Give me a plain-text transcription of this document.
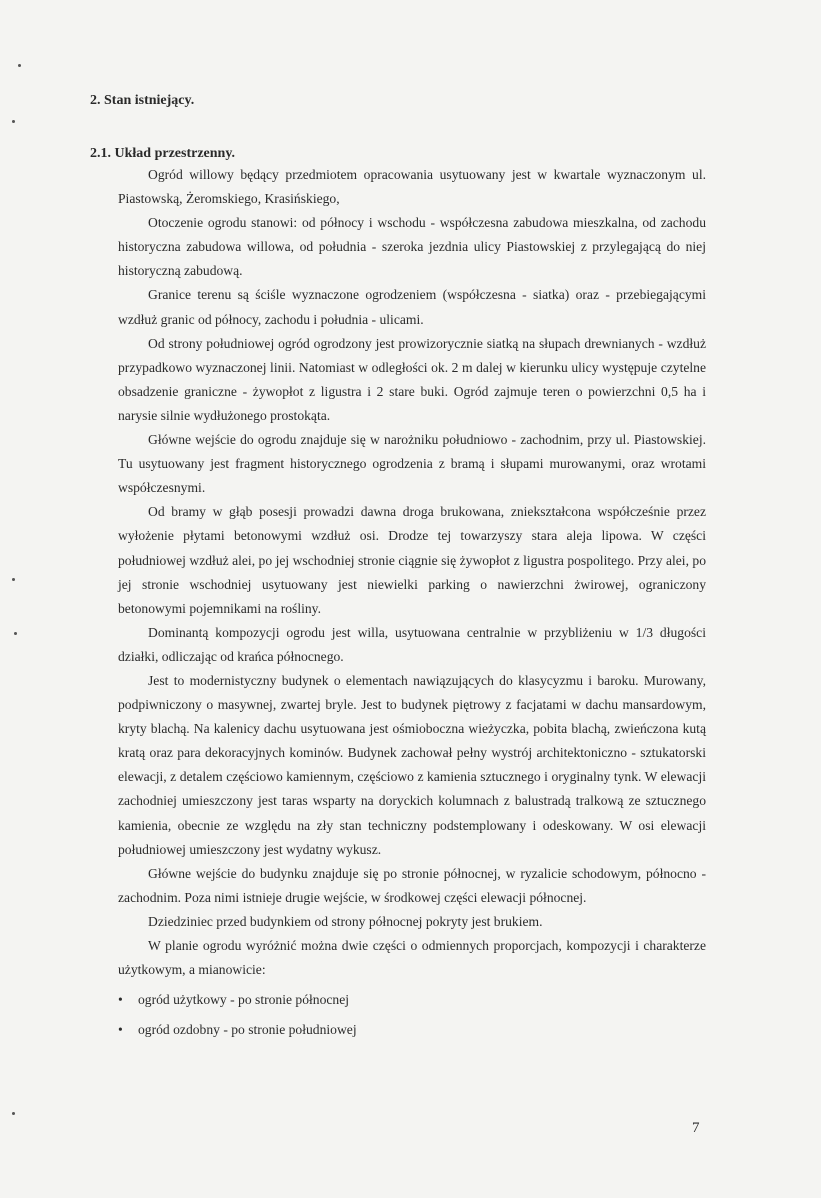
2. Stan istniejący.
2.1. Układ przestrzenny.

Ogród willowy będący przedmiotem opracowania usytuowany jest w kwartale wyznaczonym ul. Piastowską, Żeromskiego, Krasińskiego,

Otoczenie ogrodu stanowi: od północy i wschodu - współczesna zabudowa mieszkalna, od zachodu historyczna zabudowa willowa, od południa - szeroka jezdnia ulicy Piastowskiej z przylegającą do niej historyczną zabudową.

Granice terenu są ściśle wyznaczone ogrodzeniem (współczesna - siatka) oraz - przebiegającymi wzdłuż granic od północy, zachodu i południa - ulicami.

Od strony południowej ogród ogrodzony jest prowizorycznie siatką na słupach drewnianych - wzdłuż przypadkowo wyznaczonej linii. Natomiast w odległości ok. 2 m dalej w kierunku ulicy występuje czytelne obsadzenie graniczne - żywopłot z ligustra i 2 stare buki. Ogród zajmuje teren o powierzchni 0,5 ha i narysie silnie wydłużonego prostokąta.

Główne wejście do ogrodu znajduje się w narożniku południowo - zachodnim, przy ul. Piastowskiej. Tu usytuowany jest fragment historycznego ogrodzenia z bramą i słupami murowanymi, oraz wrotami współczesnymi.

Od bramy w głąb posesji prowadzi dawna droga brukowana, zniekształcona współcześnie przez wyłożenie płytami betonowymi wzdłuż osi. Drodze tej towarzyszy stara aleja lipowa. W części południowej wzdłuż alei, po jej wschodniej stronie ciągnie się żywopłot z ligustra pospolitego. Przy alei, po jej stronie wschodniej usytuowany jest niewielki parking o nawierzchni żwirowej, ograniczony betonowymi pojemnikami na rośliny.

Dominantą kompozycji ogrodu jest willa, usytuowana centralnie w przybliżeniu w 1/3 długości działki, odliczając od krańca północnego.

Jest to modernistyczny budynek o elementach nawiązujących do klasycyzmu i baroku. Murowany, podpiwniczony o masywnej, zwartej bryle. Jest to budynek piętrowy z facjatami w dachu mansardowym, kryty blachą. Na kalenicy dachu usytuowana jest ośmioboczna wieżyczka, pobita blachą, zwieńczona kutą kratą oraz para dekoracyjnych kominów. Budynek zachował pełny wystrój architektoniczno - sztukatorski elewacji, z detalem częściowo kamiennym, częściowo z kamienia sztucznego i oryginalny tynk. W elewacji zachodniej umieszczony jest taras wsparty na doryckich kolumnach z balustradą tralkową ze sztucznego kamienia, obecnie ze względu na zły stan techniczny podstemplowany i odeskowany. W osi elewacji południowej umieszczony jest wydatny wykusz.

Główne wejście do budynku znajduje się po stronie północnej, w ryzalicie schodowym, północno - zachodnim. Poza nimi istnieje drugie wejście, w środkowej części elewacji północnej.

Dziedziniec przed budynkiem od strony północnej pokryty jest brukiem.

W planie ogrodu wyróżnić można dwie części o odmiennych proporcjach, kompozycji i charakterze użytkowym, a mianowicie:

• ogród użytkowy - po stronie północnej
• ogród ozdobny - po stronie południowej
7
